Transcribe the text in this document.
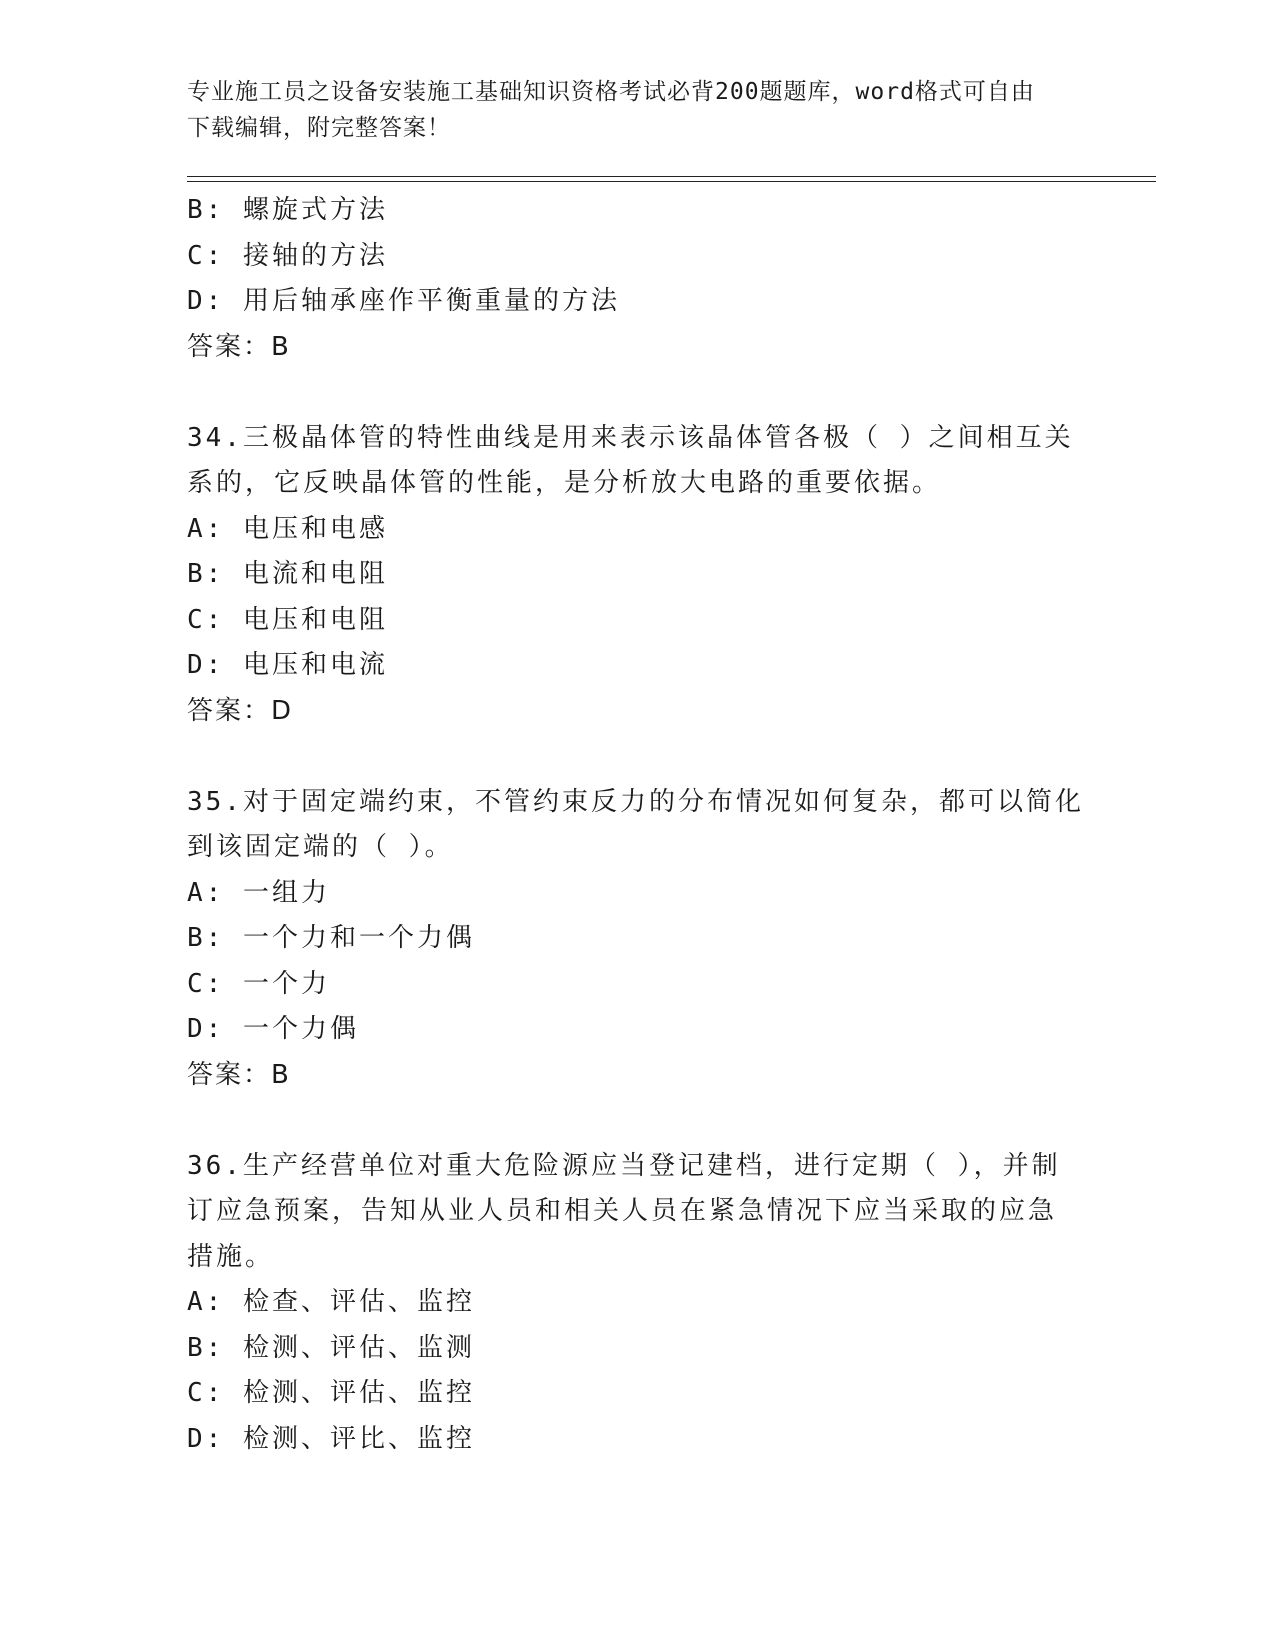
专业施工员之设备安装施工基础知识资格考试必背200题题库，word格式可自由
下载编辑，附完整答案！
B: 螺旋式方法
C: 接轴的方法
D: 用后轴承座作平衡重量的方法
答案：B
34.三极晶体管的特性曲线是用来表示该晶体管各极（ ）之间相互关
系的，它反映晶体管的性能，是分析放大电路的重要依据。
A: 电压和电感
B: 电流和电阻
C: 电压和电阻
D: 电压和电流
答案：D
35.对于固定端约束，不管约束反力的分布情况如何复杂，都可以简化
到该固定端的（ ）。
A: 一组力
B: 一个力和一个力偶
C: 一个力
D: 一个力偶
答案：B
36.生产经营单位对重大危险源应当登记建档，进行定期（ ），并制
订应急预案，告知从业人员和相关人员在紧急情况下应当采取的应急
措施。
A: 检查、评估、监控
B: 检测、评估、监测
C: 检测、评估、监控
D: 检测、评比、监控
